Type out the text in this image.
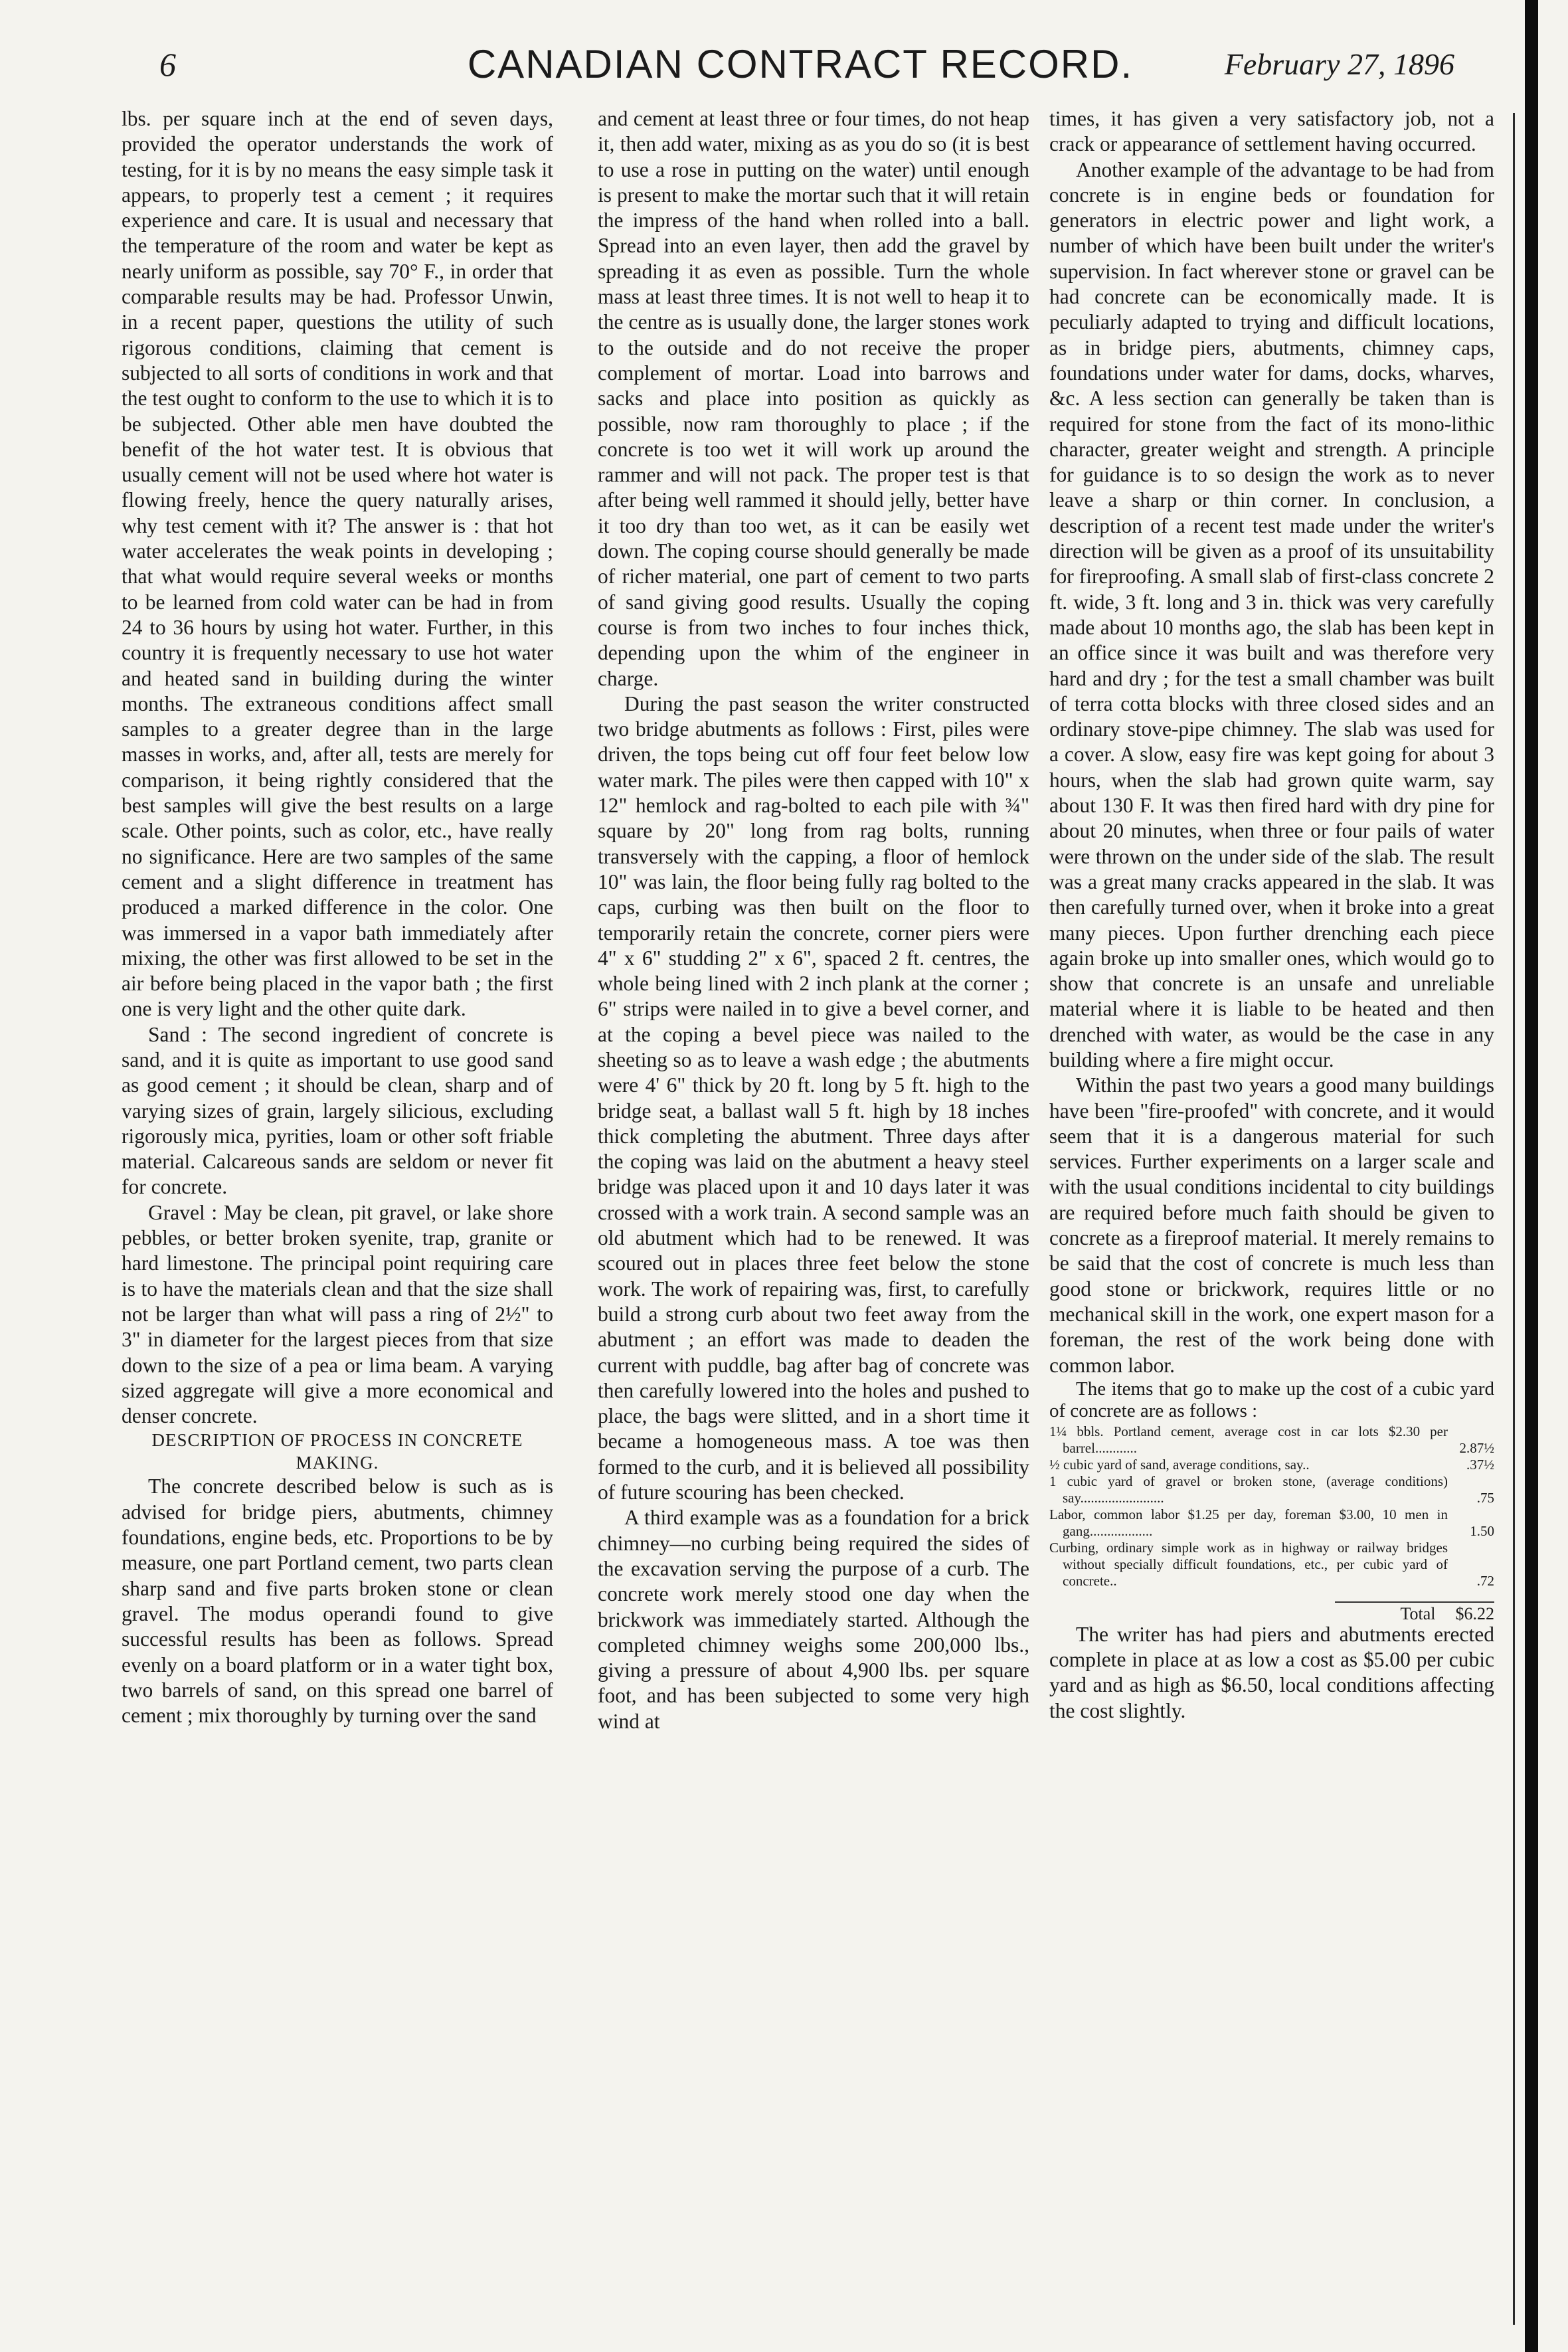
6	CANADIAN CONTRACT RECORD.	February 27, 1896

lbs. per square inch at the end of seven days, provided the operator understands the work of testing, for it is by no means the easy simple task it appears, to properly test a cement ; it requires experience and care. It is usual and necessary that the temperature of the room and water be kept as nearly uniform as possible, say 70° F., in order that comparable results may be had. Professor Unwin, in a recent paper, questions the utility of such rigorous conditions, claiming that cement is subjected to all sorts of conditions in work and that the test ought to conform to the use to which it is to be subjected. Other able men have doubted the benefit of the hot water test. It is obvious that usually cement will not be used where hot water is flowing freely, hence the query naturally arises, why test cement with it? The answer is : that hot water accelerates the weak points in developing ; that what would require several weeks or months to be learned from cold water can be had in from 24 to 36 hours by using hot water. Further, in this country it is frequently necessary to use hot water and heated sand in building during the winter months. The extraneous conditions affect small samples to a greater degree than in the large masses in works, and, after all, tests are merely for comparison, it being rightly considered that the best samples will give the best results on a large scale. Other points, such as color, etc., have really no significance. Here are two samples of the same cement and a slight difference in treatment has produced a marked difference in the color. One was immersed in a vapor bath immediately after mixing, the other was first allowed to be set in the air before being placed in the vapor bath ; the first one is very light and the other quite dark.

Sand : The second ingredient of concrete is sand, and it is quite as important to use good sand as good cement ; it should be clean, sharp and of varying sizes of grain, largely silicious, excluding rigorously mica, pyrities, loam or other soft friable material. Calcareous sands are seldom or never fit for concrete.

Gravel : May be clean, pit gravel, or lake shore pebbles, or better broken syenite, trap, granite or hard limestone. The principal point requiring care is to have the materials clean and that the size shall not be larger than what will pass a ring of 2½" to 3" in diameter for the largest pieces from that size down to the size of a pea or lima beam. A varying sized aggregate will give a more economical and denser concrete.

DESCRIPTION OF PROCESS IN CONCRETE MAKING.

The concrete described below is such as is advised for bridge piers, abutments, chimney foundations, engine beds, etc. Proportions to be by measure, one part Portland cement, two parts clean sharp sand and five parts broken stone or clean gravel. The modus operandi found to give successful results has been as follows. Spread evenly on a board platform or in a water tight box, two barrels of sand, on this spread one barrel of cement ; mix thoroughly by turning over the sand

and cement at least three or four times, do not heap it, then add water, mixing as as you do so (it is best to use a rose in putting on the water) until enough is present to make the mortar such that it will retain the impress of the hand when rolled into a ball. Spread into an even layer, then add the gravel by spreading it as even as possible. Turn the whole mass at least three times. It is not well to heap it to the centre as is usually done, the larger stones work to the outside and do not receive the proper complement of mortar. Load into barrows and sacks and place into position as quickly as possible, now ram thoroughly to place ; if the concrete is too wet it will work up around the rammer and will not pack. The proper test is that after being well rammed it should jelly, better have it too dry than too wet, as it can be easily wet down. The coping course should generally be made of richer material, one part of cement to two parts of sand giving good results. Usually the coping course is from two inches to four inches thick, depending upon the whim of the engineer in charge.

During the past season the writer constructed two bridge abutments as follows : First, piles were driven, the tops being cut off four feet below low water mark. The piles were then capped with 10" x 12" hemlock and rag-bolted to each pile with ¾" square by 20" long from rag bolts, running transversely with the capping, a floor of hemlock 10" was lain, the floor being fully rag bolted to the caps, curbing was then built on the floor to temporarily retain the concrete, corner piers were 4" x 6" studding 2" x 6", spaced 2 ft. centres, the whole being lined with 2 inch plank at the corner ; 6" strips were nailed in to give a bevel corner, and at the coping a bevel piece was nailed to the sheeting so as to leave a wash edge ; the abutments were 4' 6" thick by 20 ft. long by 5 ft. high to the bridge seat, a ballast wall 5 ft. high by 18 inches thick completing the abutment. Three days after the coping was laid on the abutment a heavy steel bridge was placed upon it and 10 days later it was crossed with a work train. A second sample was an old abutment which had to be renewed. It was scoured out in places three feet below the stone work. The work of repairing was, first, to carefully build a strong curb about two feet away from the abutment ; an effort was made to deaden the current with puddle, bag after bag of concrete was then carefully lowered into the holes and pushed to place, the bags were slitted, and in a short time it became a homogeneous mass. A toe was then formed to the curb, and it is believed all possibility of future scouring has been checked.

A third example was as a foundation for a brick chimney—no curbing being required the sides of the excavation serving the purpose of a curb. The concrete work merely stood one day when the brickwork was immediately started. Although the completed chimney weighs some 200,000 lbs., giving a pressure of about 4,900 lbs. per square foot, and has been subjected to some very high wind at

times, it has given a very satisfactory job, not a crack or appearance of settlement having occurred.

Another example of the advantage to be had from concrete is in engine beds or foundation for generators in electric power and light work, a number of which have been built under the writer's supervision. In fact wherever stone or gravel can be had concrete can be economically made. It is peculiarly adapted to trying and difficult locations, as in bridge piers, abutments, chimney caps, foundations under water for dams, docks, wharves, &c. A less section can generally be taken than is required for stone from the fact of its mono-lithic character, greater weight and strength. A principle for guidance is to so design the work as to never leave a sharp or thin corner. In conclusion, a description of a recent test made under the writer's direction will be given as a proof of its unsuitability for fireproofing. A small slab of first-class concrete 2 ft. wide, 3 ft. long and 3 in. thick was very carefully made about 10 months ago, the slab has been kept in an office since it was built and was therefore very hard and dry ; for the test a small chamber was built of terra cotta blocks with three closed sides and an ordinary stove-pipe chimney. The slab was used for a cover. A slow, easy fire was kept going for about 3 hours, when the slab had grown quite warm, say about 130 F. It was then fired hard with dry pine for about 20 minutes, when three or four pails of water were thrown on the under side of the slab. The result was a great many cracks appeared in the slab. It was then carefully turned over, when it broke into a great many pieces. Upon further drenching each piece again broke up into smaller ones, which would go to show that concrete is an unsafe and unreliable material where it is liable to be heated and then drenched with water, as would be the case in any building where a fire might occur.

Within the past two years a good many buildings have been "fire-proofed" with concrete, and it would seem that it is a dangerous material for such services. Further experiments on a larger scale and with the usual conditions incidental to city buildings are required before much faith should be given to concrete as a fireproof material. It merely remains to be said that the cost of concrete is much less than good stone or brickwork, requires little or no mechanical skill in the work, one expert mason for a foreman, the rest of the work being done with common labor.

The items that go to make up the cost of a cubic yard of concrete are as follows :

1¼ bbls. Portland cement, average cost in car lots $2.30 per barrel............	2.87½
½ cubic yard of sand, average conditions, say..	.37½
1 cubic yard of gravel or broken stone, (average conditions) say........................	.75
Labor, common labor $1.25 per day, foreman $3.00, 10 men in gang..................	1.50
Curbing, ordinary simple work as in highway or railway bridges without specially difficult foundations, etc., per cubic yard of concrete..	.72
Total $6.22

The writer has had piers and abutments erected complete in place at as low a cost as $5.00 per cubic yard and as high as $6.50, local conditions affecting the cost slightly.
